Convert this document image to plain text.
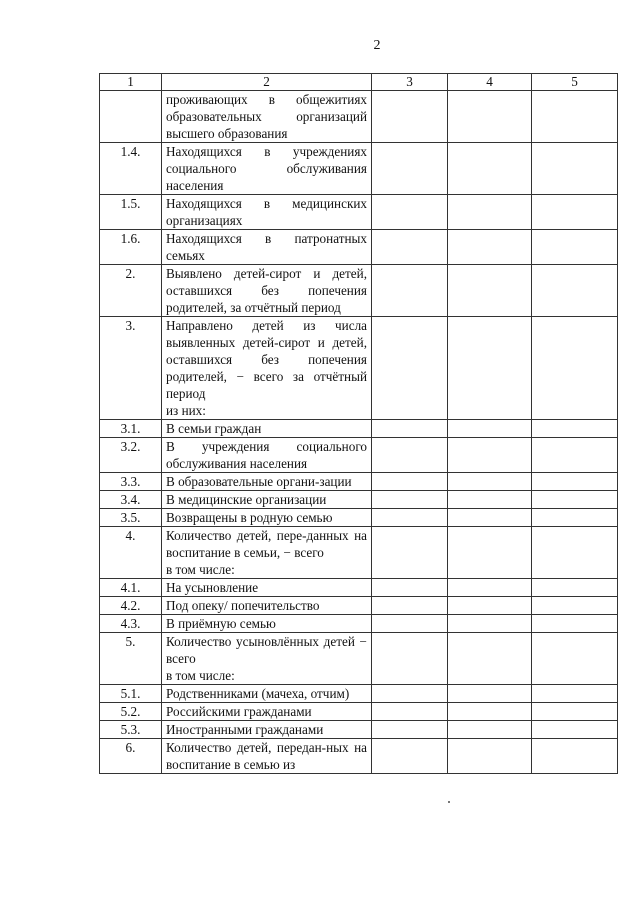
2
1	2	3	4	5

	проживающих в общежитиях образовательных организаций высшего образования			

1.4.	Находящихся в учреждениях социального обслуживания населения			

1.5.	Находящихся в медицинских организациях			

1.6.	Находящихся в патронатных семьях			

2.	Выявлено детей-сирот и детей, оставшихся без попечения родителей, за отчётный период			

3.	Направлено детей из числа выявленных детей-сирот и детей, оставшихся без попечения родителей, − всего за отчётный период
из них:			

3.1.	В семьи граждан			

3.2.	В учреждения социального обслуживания населения			

3.3.	В образовательные органи-зации			

3.4.	В медицинские организации			

3.5.	Возвращены в родную семью			

4.	Количество детей, пере-данных на воспитание в семьи, − всего
в том числе:			

4.1.	На усыновление			

4.2.	Под опеку/ попечительство			

4.3.	В приёмную семью			

5.	Количество усыновлённых детей − всего
в том числе:			

5.1.	Родственниками (мачеха, отчим)			

5.2.	Российскими гражданами			

5.3.	Иностранными гражданами			

6.	Количество детей, передан-ных на воспитание в семью из			
